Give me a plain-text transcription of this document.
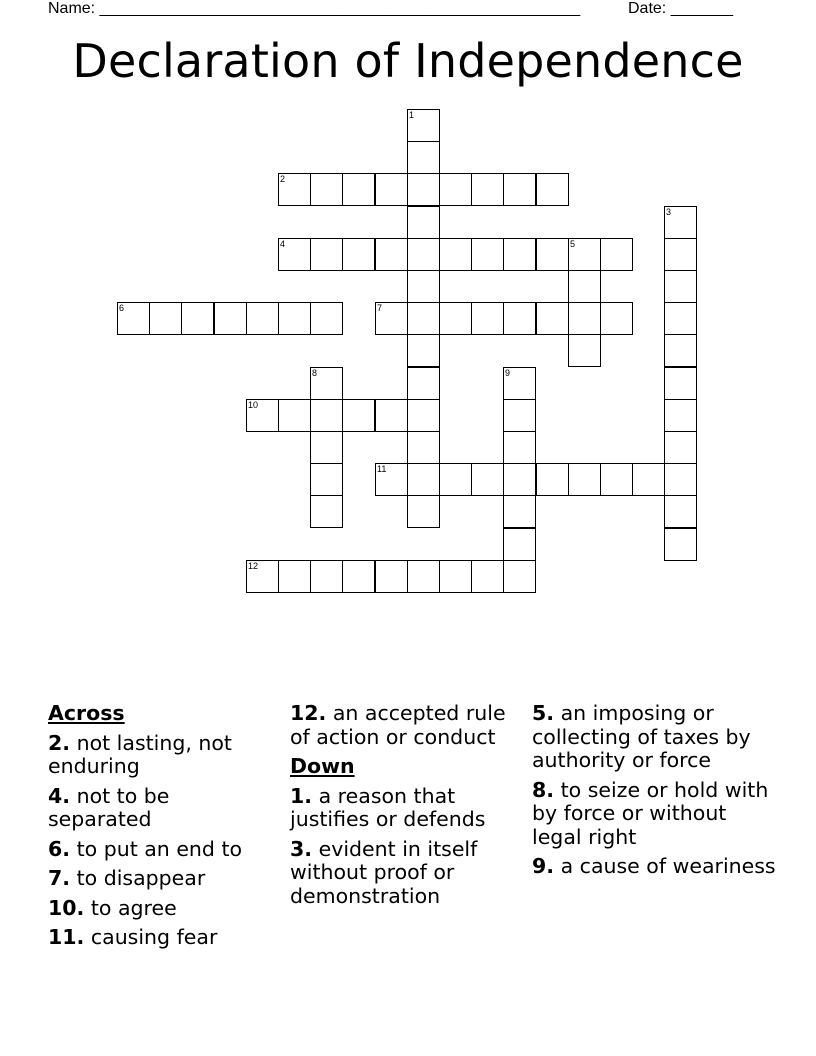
Name: ______________________________________________________	Date: _______
Declaration of Independence
1
2
3
4	5
6	7
8	9
10
11
12
Across
2. not lasting, not enduring
4. not to be separated
6. to put an end to
7. to disappear
10. to agree
11. causing fear
12. an accepted rule of action or conduct
Down
1. a reason that justifies or defends
3. evident in itself without proof or demonstration
5. an imposing or collecting of taxes by authority or force
8. to seize or hold with by force or without legal right
9. a cause of weariness
